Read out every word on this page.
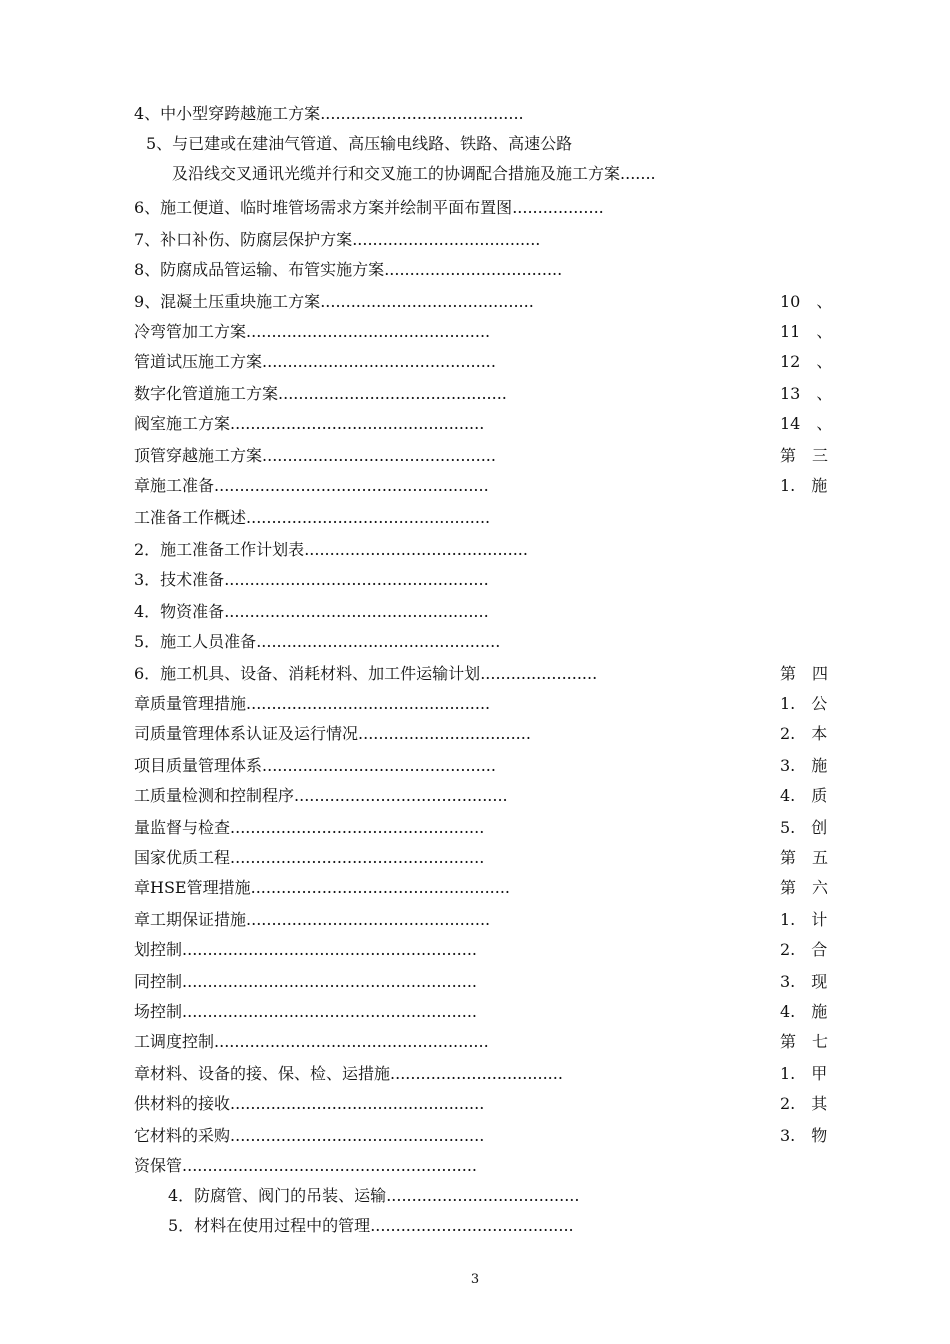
4、中小型穿跨越施工方案 ........................................
5、与已建或在建油气管道、高压输电线路、铁路、高速公路
及沿线交叉通讯光缆并行和交叉施工的协调配合措施及施工方案 .......
6、施工便道、临时堆管场需求方案并绘制平面布置图 ..................
7、补口补伤、防腐层保护方案 .....................................
8、防腐成品管运输、布管实施方案 ...................................
9、混凝土压重块施工方案 ..........................................	10　、
冷弯管加工方案 ................................................	11　、
管道试压施工方案 ..............................................	12　、
数字化管道施工方案 .............................................	13　、
阀室施工方案 ..................................................	14　、
顶管穿越施工方案 ..............................................	第　三
章施工准备 ......................................................	1.　施
工准备工作概述 ................................................
2．施工准备工作计划表 ............................................
3．技术准备 ....................................................
4．物资准备 ....................................................
5．施工人员准备 ................................................
6．施工机具、设备、消耗材料、加工件运输计划 .......................	第　四
章质量管理措施 ................................................	1.　公
司质量管理体系认证及运行情况 ..................................	2.　本
项目质量管理体系 ..............................................	3.　施
工质量检测和控制程序 ..........................................	4.　质
量监督与检查 ..................................................	5.　创
国家优质工程 ..................................................	第　五
章HSE管理措施 ...................................................	第　六
章工期保证措施 ................................................	1.　计
划控制 ..........................................................	2.　合
同控制 ..........................................................	3.　现
场控制 ..........................................................	4.　施
工调度控制 ......................................................	第　七
章材料、设备的接、保、检、运措施 ..................................	1.　甲
供材料的接收 ..................................................	2.　其
它材料的采购 ..................................................	3.　物
资保管 ..........................................................
4．防腐管、阀门的吊装、运输 ......................................
5．材料在使用过程中的管理 ........................................
3
